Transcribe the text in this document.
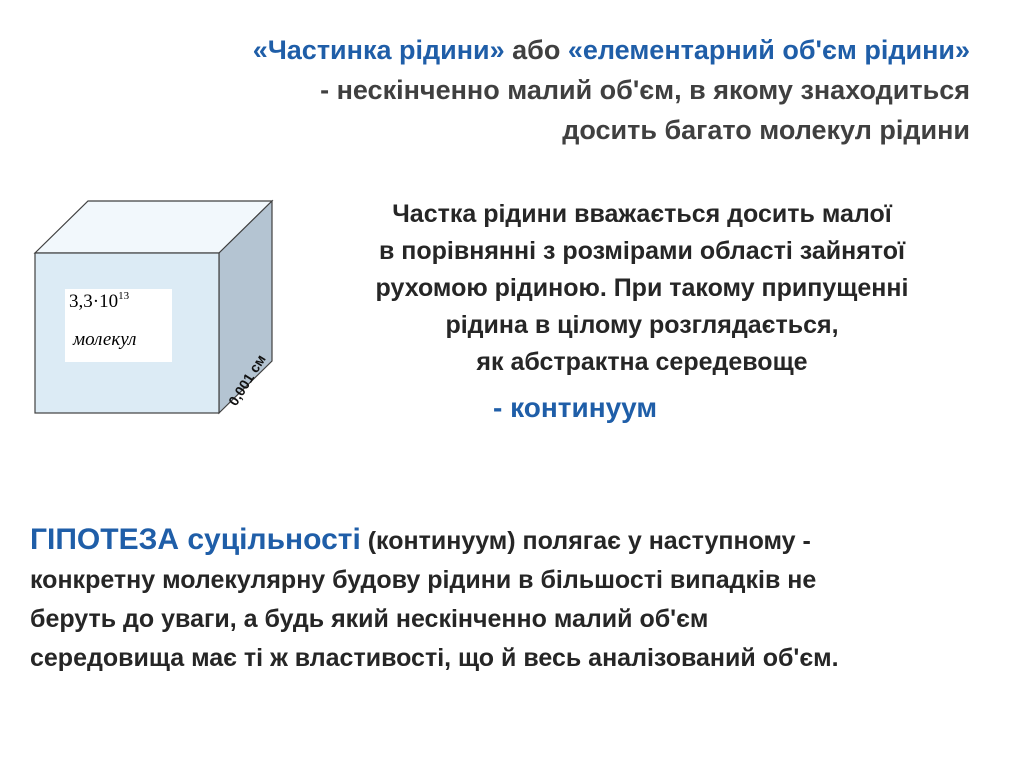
«Частинка рідини» або «елементарний об'єм рідини»
- нескінченно малий об'єм, в якому знаходиться
досить багато молекул рідини
$3,3\cdot 10^{13}$
молекул
0,001 см
Частка рідини вважається досить малої
в порівнянні з розмірами області зайнятої
рухомою рідиною. При такому припущенні
рідина в цілому розглядається,
як абстрактна середевоще
- континуум
ГІПОТЕЗА суцільності (континуум) полягає у наступному -
конкретну молекулярну будову рідини в більшості випадків не
беруть до уваги, а будь який нескінченно малий об'єм
середовища має ті ж властивості, що й весь аналізований об'єм.
